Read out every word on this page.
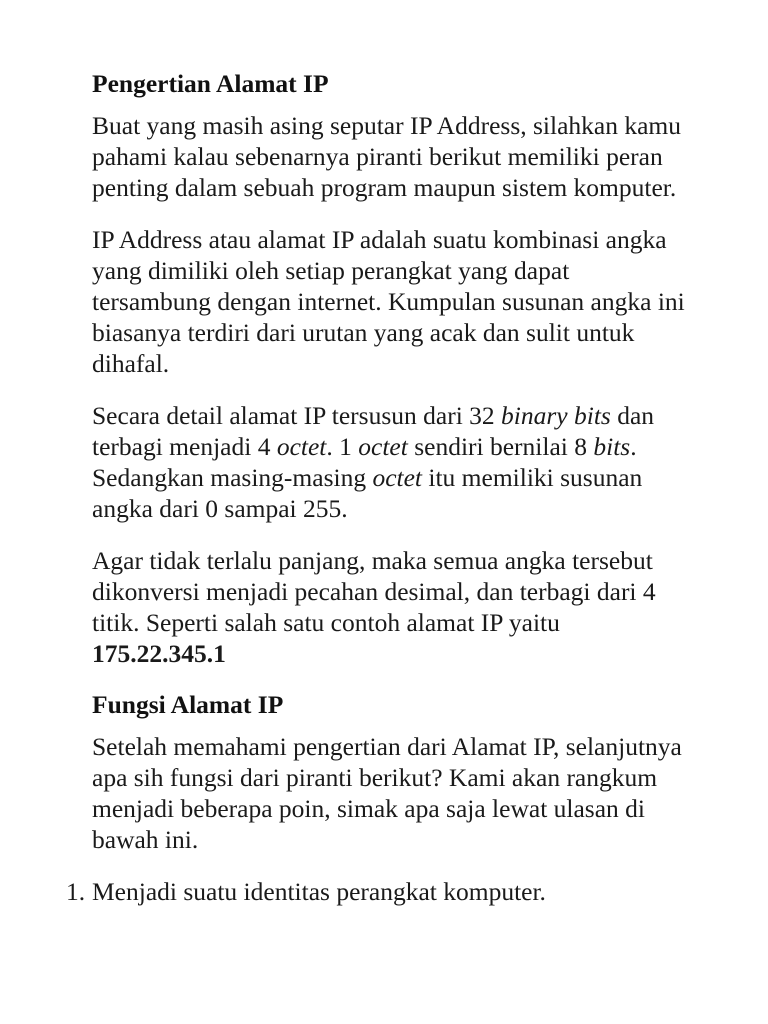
Pengertian Alamat IP

Buat yang masih asing seputar IP Address, silahkan kamu pahami kalau sebenarnya piranti berikut memiliki peran penting dalam sebuah program maupun sistem komputer.

IP Address atau alamat IP adalah suatu kombinasi angka yang dimiliki oleh setiap perangkat yang dapat tersambung dengan internet. Kumpulan susunan angka ini biasanya terdiri dari urutan yang acak dan sulit untuk dihafal.

Secara detail alamat IP tersusun dari 32 binary bits dan terbagi menjadi 4 octet. 1 octet sendiri bernilai 8 bits. Sedangkan masing-masing octet itu memiliki susunan angka dari 0 sampai 255.

Agar tidak terlalu panjang, maka semua angka tersebut dikonversi menjadi pecahan desimal, dan terbagi dari 4 titik. Seperti salah satu contoh alamat IP yaitu 175.22.345.1

Fungsi Alamat IP

Setelah memahami pengertian dari Alamat IP, selanjutnya apa sih fungsi dari piranti berikut? Kami akan rangkum menjadi beberapa poin, simak apa saja lewat ulasan di bawah ini.

1. Menjadi suatu identitas perangkat komputer.
